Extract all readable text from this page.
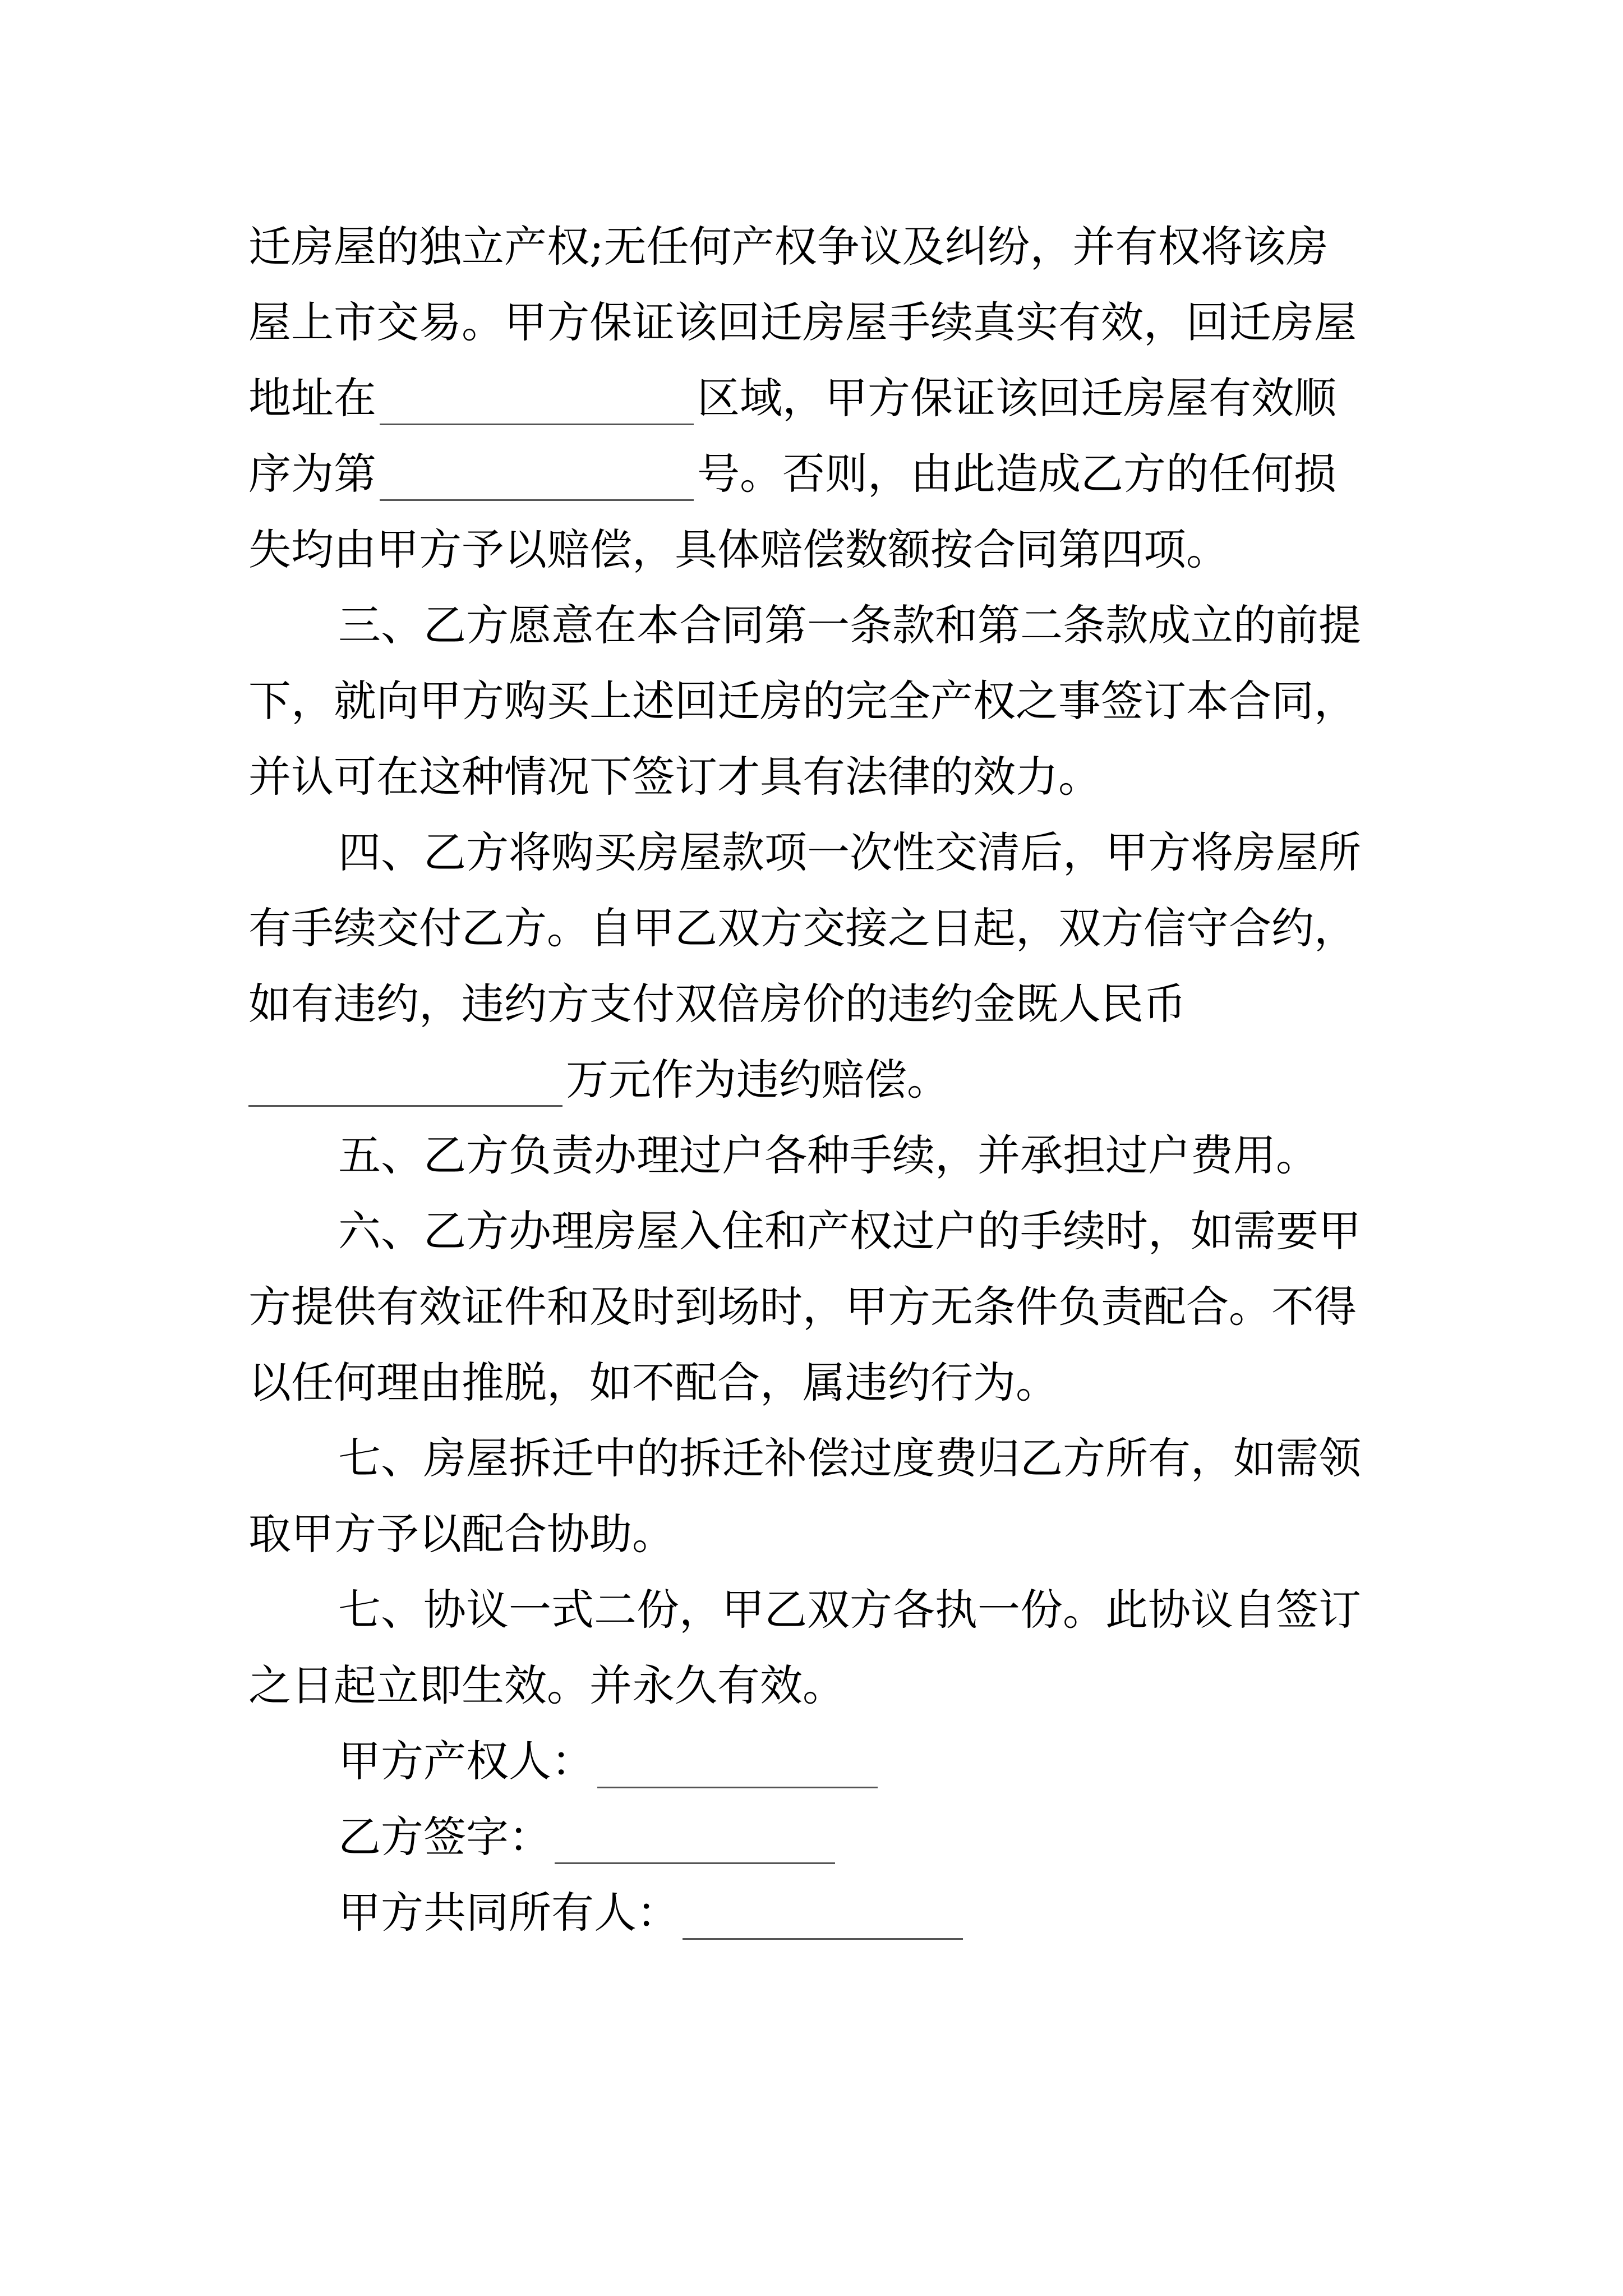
迁房屋的独立产权;无任何产权争议及纠纷，并有权将该房
屋上市交易。甲方保证该回迁房屋手续真实有效，回迁房屋
地址在	区域，甲方保证该回迁房屋有效顺
序为第	号。否则，由此造成乙方的任何损
失均由甲方予以赔偿，具体赔偿数额按合同第四项。
三、乙方愿意在本合同第一条款和第二条款成立的前提
下，就向甲方购买上述回迁房的完全产权之事签订本合同，
并认可在这种情况下签订才具有法律的效力。
四、乙方将购买房屋款项一次性交清后，甲方将房屋所
有手续交付乙方。自甲乙双方交接之日起，双方信守合约，
如有违约，违约方支付双倍房价的违约金既人民币
万元作为违约赔偿。
五、乙方负责办理过户各种手续，并承担过户费用。
六、乙方办理房屋入住和产权过户的手续时，如需要甲
方提供有效证件和及时到场时，甲方无条件负责配合。不得
以任何理由推脱，如不配合，属违约行为。
七、房屋拆迁中的拆迁补偿过度费归乙方所有，如需领
取甲方予以配合协助。
七、协议一式二份，甲乙双方各执一份。此协议自签订
之日起立即生效。并永久有效。
甲方产权人：
乙方签字：
甲方共同所有人：
